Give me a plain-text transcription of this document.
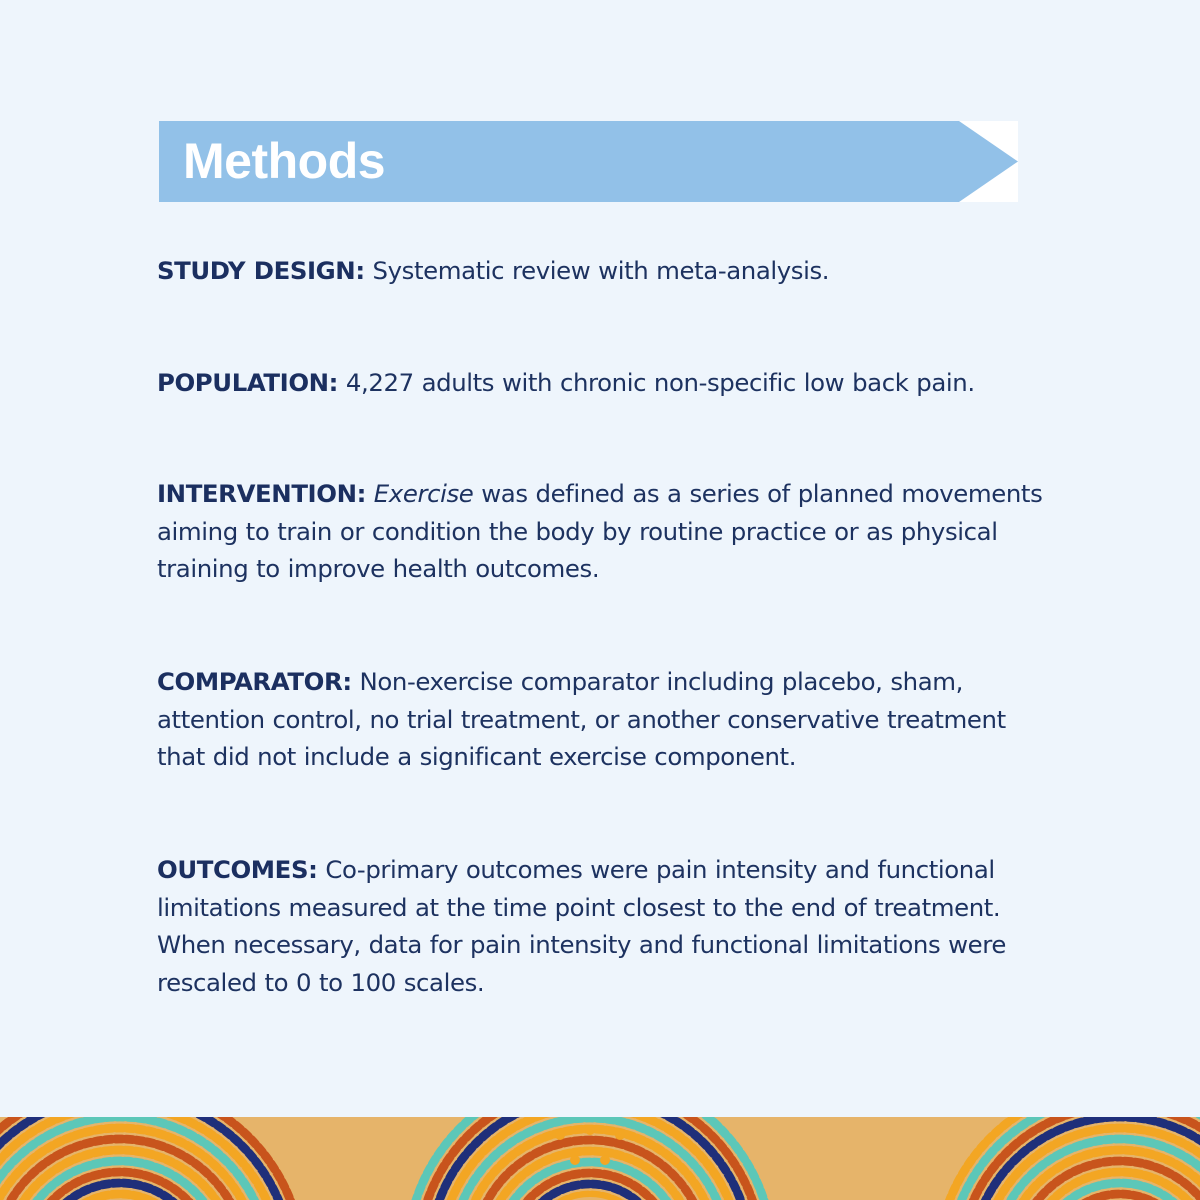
Methods
STUDY DESIGN: Systematic review with meta-analysis.
POPULATION: 4,227 adults with chronic non-specific low back pain.
INTERVENTION: Exercise was defined as a series of planned movements aiming to train or condition the body by routine practice or as physical training to improve health outcomes.
COMPARATOR: Non-exercise comparator including placebo, sham, attention control, no trial treatment, or another conservative treatment that did not include a significant exercise component.
OUTCOMES: Co-primary outcomes were pain intensity and functional limitations measured at the time point closest to the end of treatment. When necessary, data for pain intensity and functional limitations were rescaled to 0 to 100 scales.
